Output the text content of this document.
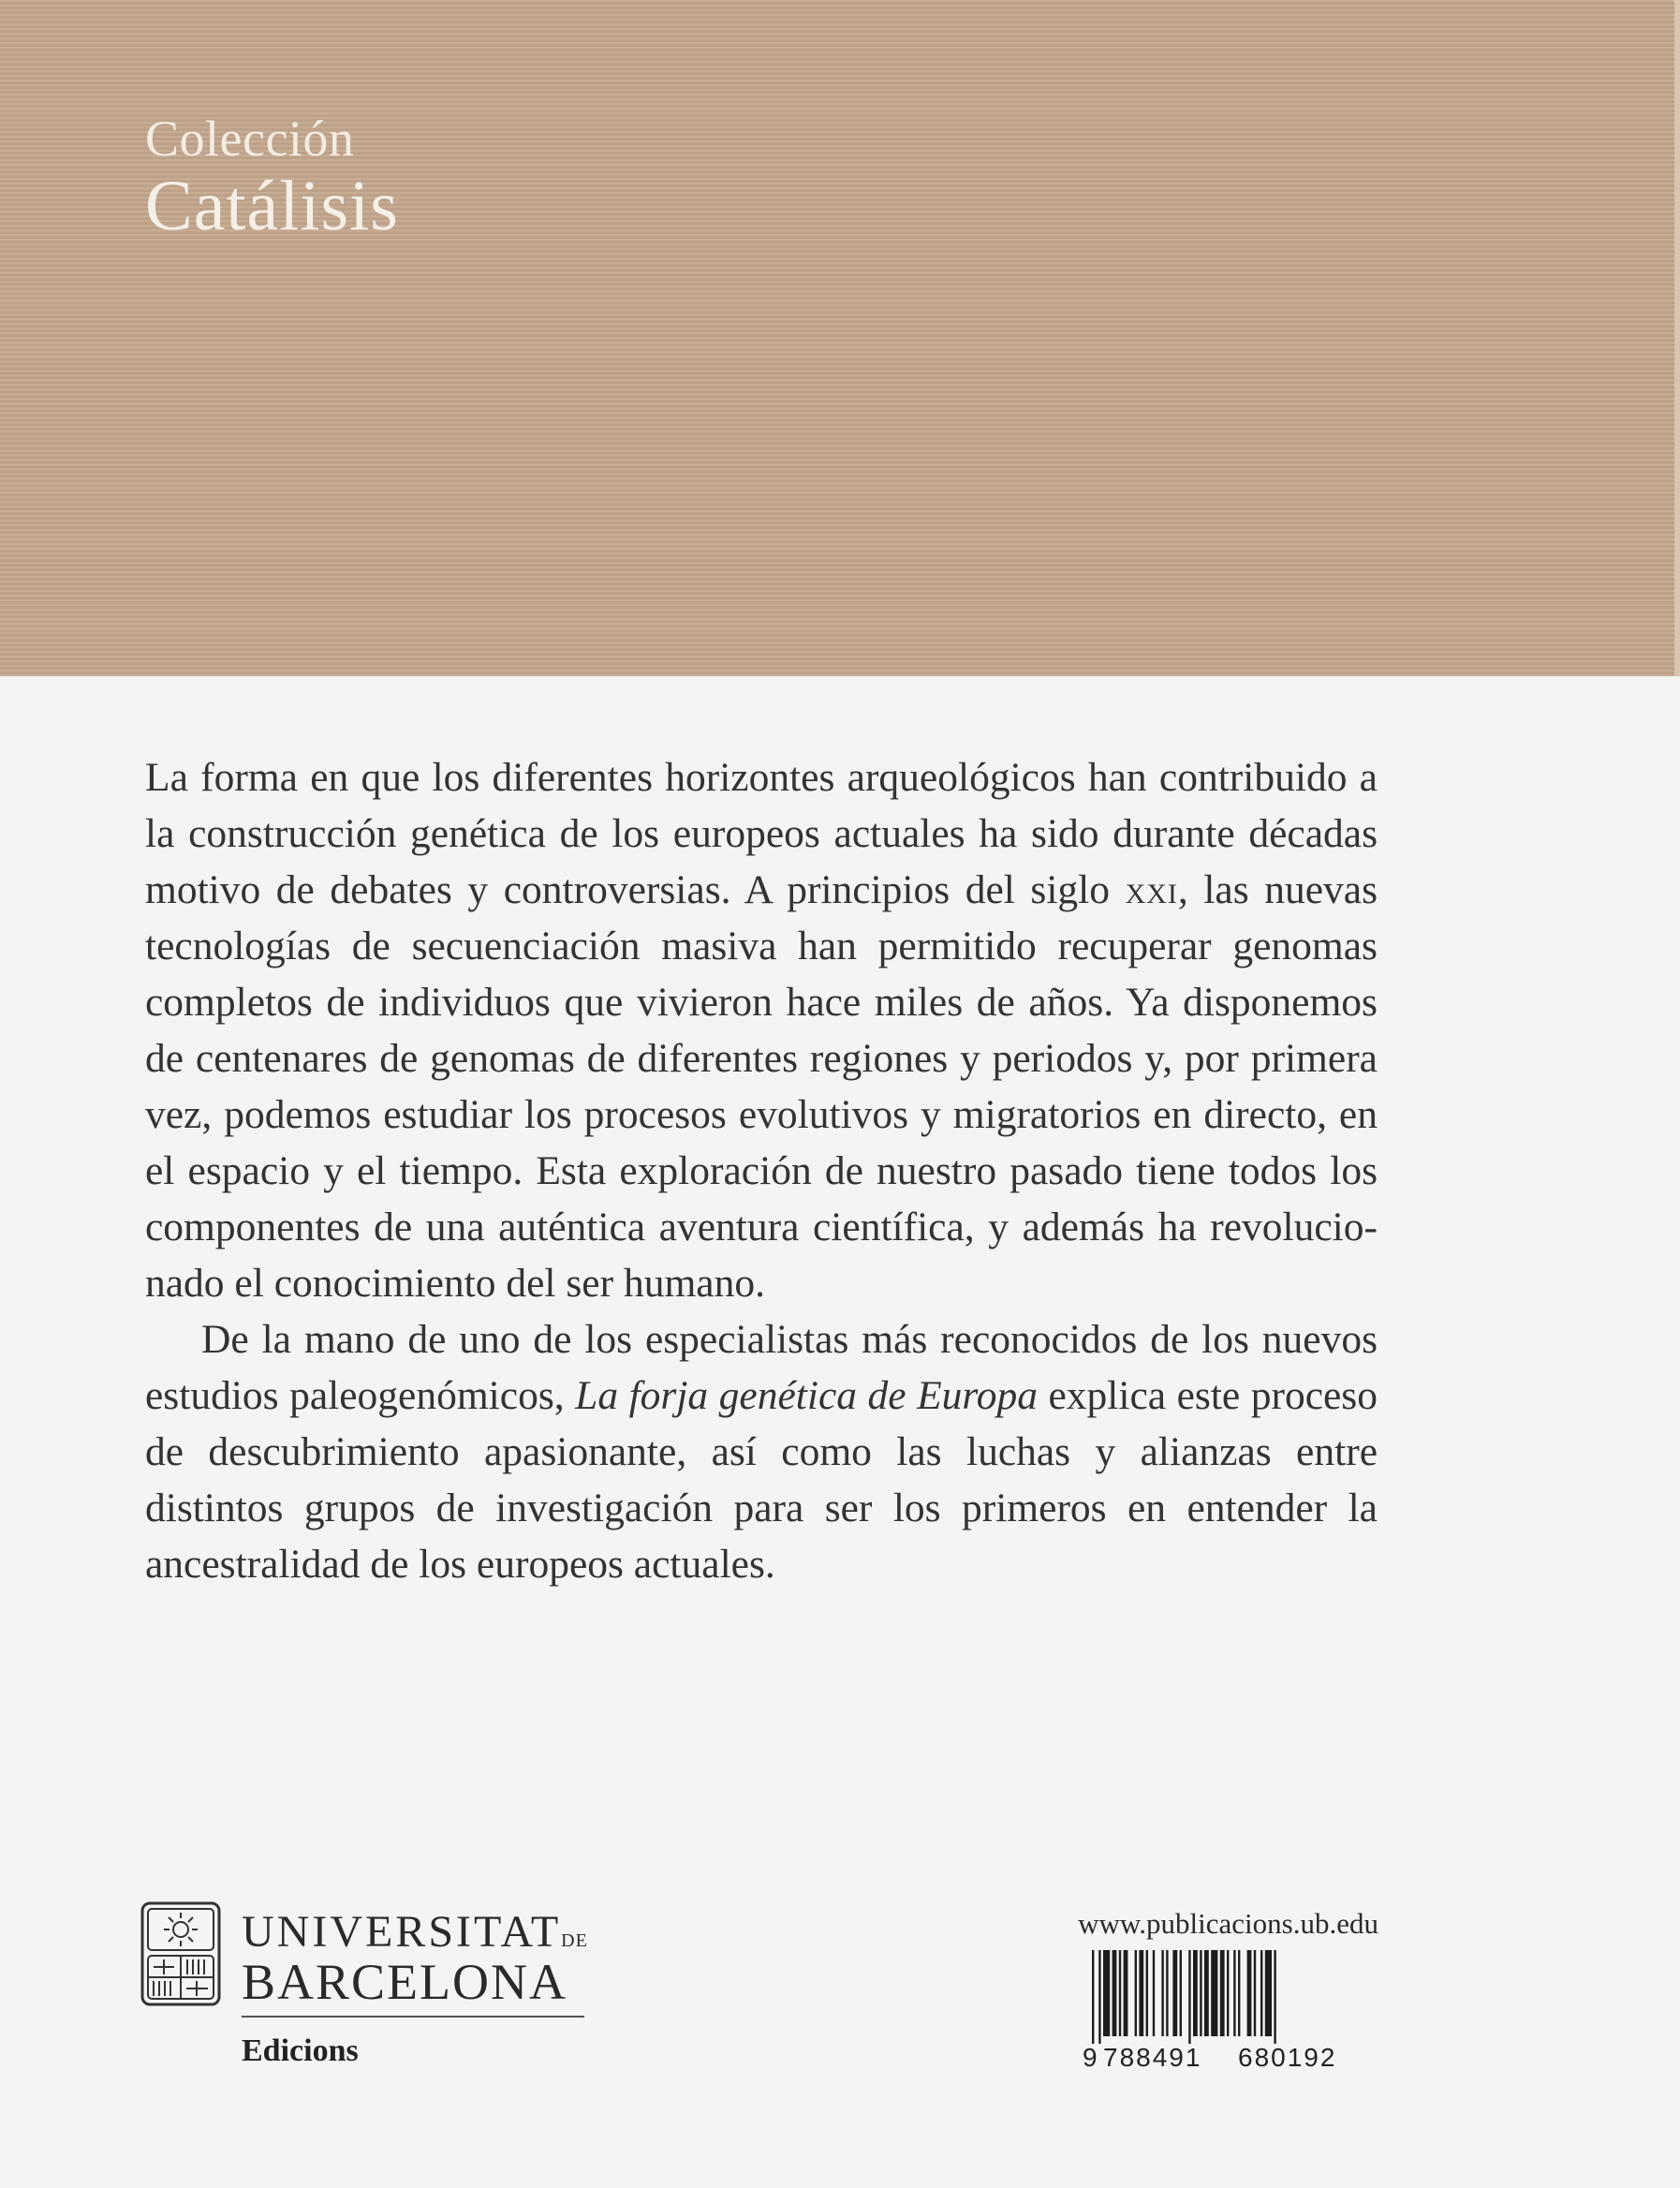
Colección
Catálisis

La forma en que los diferentes horizontes arqueológicos han contribuido a la construcción genética de los europeos actuales ha sido durante décadas motivo de debates y controversias. A principios del siglo xxi, las nuevas tecnologías de secuenciación masiva han permitido recuperar genomas completos de individuos que vivieron hace miles de años. Ya disponemos de centenares de genomas de diferentes regiones y periodos y, por primera vez, podemos estudiar los procesos evolutivos y migratorios en directo, en el espacio y el tiempo. Esta exploración de nuestro pasado tiene todos los componentes de una auténtica aventura científica, y además ha revolucionado el conocimiento del ser humano.

De la mano de uno de los especialistas más reconocidos de los nuevos estudios paleogenómicos, La forja genética de Europa explica este proceso de descubrimiento apasionante, así como las luchas y alianzas entre distintos grupos de investigación para ser los primeros en entender la ancestralidad de los europeos actuales.

UNIVERSITATDE
BARCELONA
Edicions
www.publicacions.ub.edu
9 788491 680192
